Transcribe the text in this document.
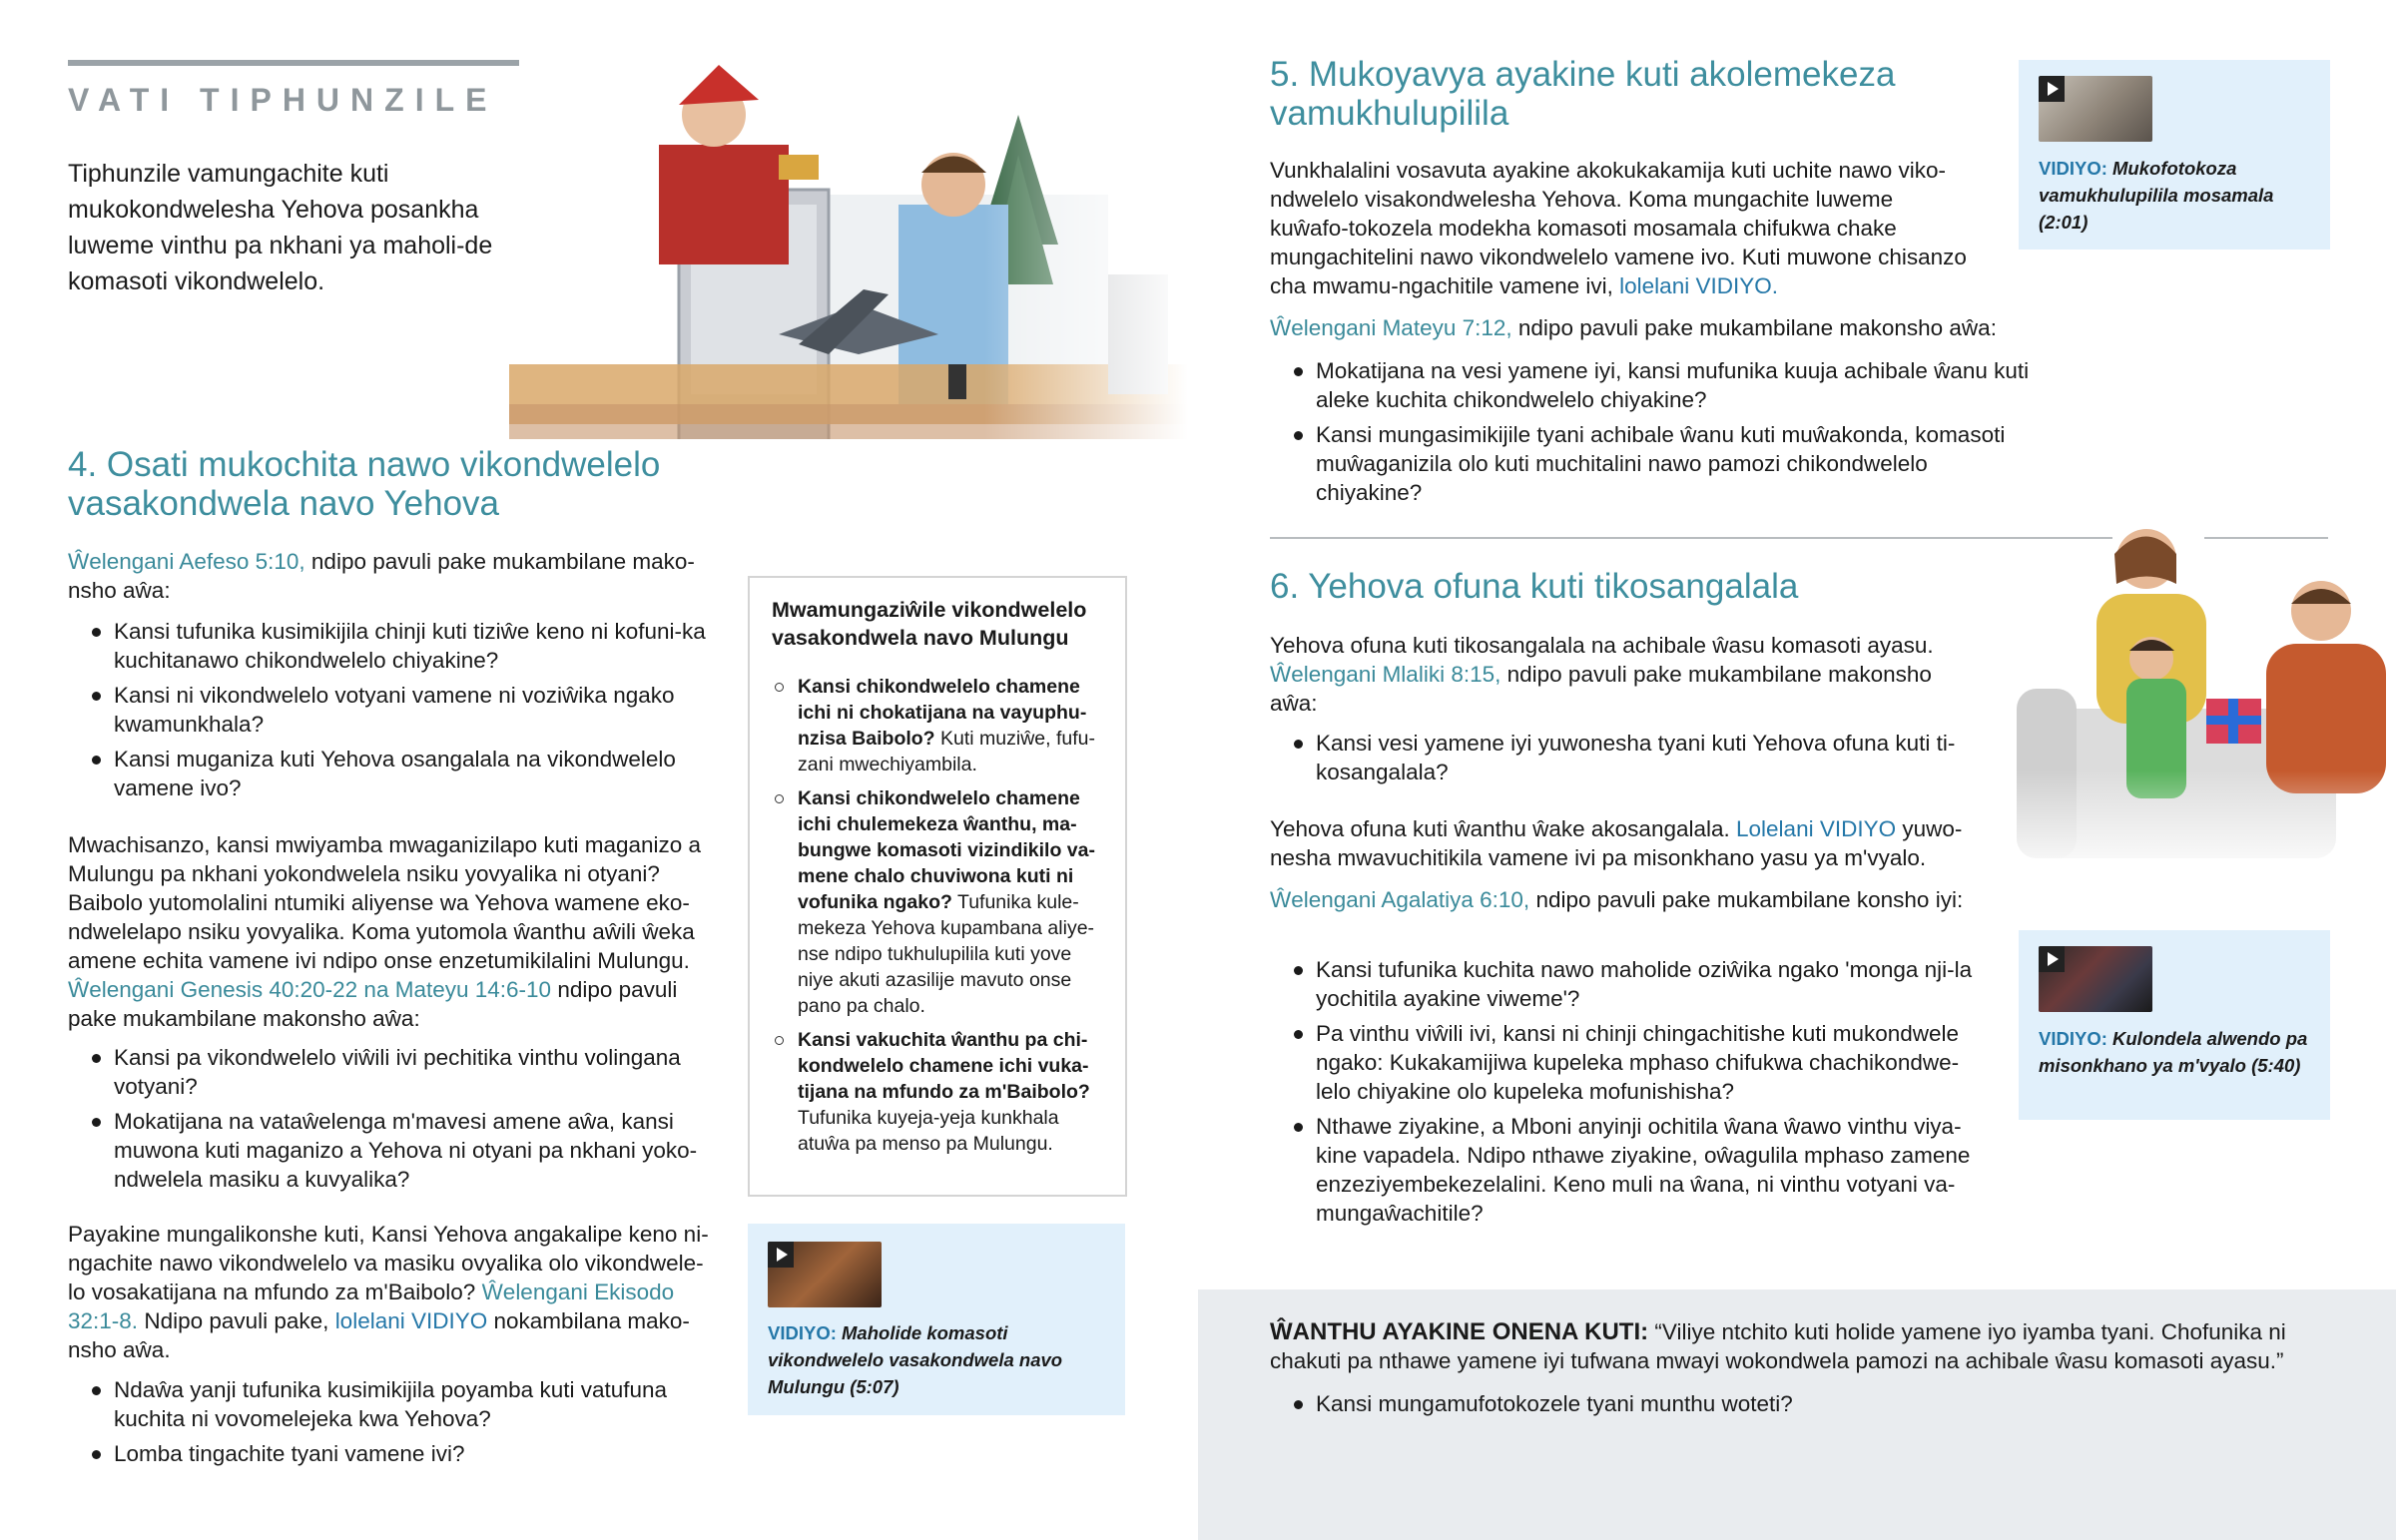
VATI TIPHUNZILE

Tiphunzile vamungachite kuti mukokondwelesha Yehova posankha luweme vinthu pa nkhani ya maholi-de komasoti vikondwelelo.

4. Osati mukochita nawo vikondwelelo vasakondwela navo Yehova

Ŵelengani Aefeso 5:10, ndipo pavuli pake mukambilane mako-nsho aŵa:

Kansi tufunika kusimikijila chinji kuti tiziŵe keno ni kofuni-ka kuchitanawo chikondwelelo chiyakine?
Kansi ni vikondwelelo votyani vamene ni voziŵika ngako kwamunkhala?
Kansi muganiza kuti Yehova osangalala na vikondwelelo vamene ivo?

Mwachisanzo, kansi mwiyamba mwaganizilapo kuti maganizo a Mulungu pa nkhani yokondwelela nsiku yovyalika ni otyani? Baibolo yutomolalini ntumiki aliyense wa Yehova wamene eko-ndwelelapo nsiku yovyalika. Koma yutomola ŵanthu aŵili ŵeka amene echita vamene ivi ndipo onse enzetumikilalini Mulungu. Ŵelengani Genesis 40:20-22 na Mateyu 14:6-10 ndipo pavuli pake mukambilane makonsho aŵa:

Kansi pa vikondwelelo viŵili ivi pechitika vinthu volingana votyani?
Mokatijana na vataŵelenga m'mavesi amene aŵa, kansi muwona kuti maganizo a Yehova ni otyani pa nkhani yoko-ndwelela masiku a kuvyalika?

Payakine mungalikonshe kuti, Kansi Yehova angakalipe keno ni-ngachite nawo vikondwelelo va masiku ovyalika olo vikondwele-lo vosakatijana na mfundo za m'Baibolo? Ŵelengani Ekisodo 32:1-8. Ndipo pavuli pake, lolelani VIDIYO nokambilana mako-nsho aŵa.

Ndaŵa yanji tufunika kusimikijila poyamba kuti vatufuna kuchita ni vovomelejeka kwa Yehova?
Lomba tingachite tyani vamene ivi?
Mwamungaziŵile vikondwelelo vasakondwela navo Mulungu
Kansi chikondwelelo chamene ichi ni chokatijana na vayuphu-nzisa Baibolo? Kuti muziŵe, fufu-zani mwechiyambila.
Kansi chikondwelelo chamene ichi chulemekeza ŵanthu, ma-bungwe komasoti vizindikilo va-mene chalo chuviwona kuti ni vofunika ngako? Tufunika kule-mekeza Yehova kupambana aliye-nse ndipo tukhulupilila kuti yove niye akuti azasilije mavuto onse pano pa chalo.
Kansi vakuchita ŵanthu pa chi-kondwelelo chamene ichi vuka-tijana na mfundo za m'Baibolo? Tufunika kuyeja-yeja kunkhala atuŵa pa menso pa Mulungu.
VIDIYO: Maholide komasoti vikondwelelo vasakondwela navo Mulungu (5:07)
5. Mukoyavya ayakine kuti akolemekeza vamukhulupilila

Vunkhalalini vosavuta ayakine akokukakamija kuti uchite nawo viko-ndwelelo visakondwelesha Yehova. Koma mungachite luweme kuŵafo-tokozela modekha komasoti mosamala chifukwa chake mungachitelini nawo vikondwelelo vamene ivo. Kuti muwone chisanzo cha mwamu-ngachitile vamene ivi, lolelani VIDIYO.

Ŵelengani Mateyu 7:12, ndipo pavuli pake mukambilane makonsho aŵa:

Mokatijana na vesi yamene iyi, kansi mufunika kuuja achibale ŵanu kuti aleke kuchita chikondwelelo chiyakine?
Kansi mungasimikijile tyani achibale ŵanu kuti muŵakonda, komasoti muŵaganizila olo kuti muchitalini nawo pamozi chikondwelelo chiyakine?
VIDIYO: Mukofotokoza vamukhulupilila mosamala (2:01)
6. Yehova ofuna kuti tikosangalala

Yehova ofuna kuti tikosangalala na achibale ŵasu komasoti ayasu. Ŵelengani Mlaliki 8:15, ndipo pavuli pake mukambilane makonsho aŵa:

Kansi vesi yamene iyi yuwonesha tyani kuti Yehova ofuna kuti ti-kosangalala?

Yehova ofuna kuti ŵanthu ŵake akosangalala. Lolelani VIDIYO yuwo-nesha mwavuchitikila vamene ivi pa misonkhano yasu ya m'vyalo.

Ŵelengani Agalatiya 6:10, ndipo pavuli pake mukambilane konsho iyi:

Kansi tufunika kuchita nawo maholide oziŵika ngako 'monga nji-la yochitila ayakine viweme'?
Pa vinthu viŵili ivi, kansi ni chinji chingachitishe kuti mukondwele ngako: Kukakamijiwa kupeleka mphaso chifukwa chachikondwe-lelo chiyakine olo kupeleka mofunishisha?
Nthawe ziyakine, a Mboni anyinji ochitila ŵana ŵawo vinthu viya-kine vapadela. Ndipo nthawe ziyakine, oŵagulila mphaso zamene enzeziyembekezelalini. Keno muli na ŵana, ni vinthu votyani va-mungaŵachitile?
VIDIYO: Kulondela alwendo pa misonkhano ya m'vyalo (5:40)

ŴANTHU AYAKINE ONENA KUTI: “Viliye ntchito kuti holide yamene iyo iyamba tyani. Chofunika ni chakuti pa nthawe yamene iyi tufwana mwayi wokondwela pamozi na achibale ŵasu komasoti ayasu.”

Kansi mungamufotokozele tyani munthu woteti?
